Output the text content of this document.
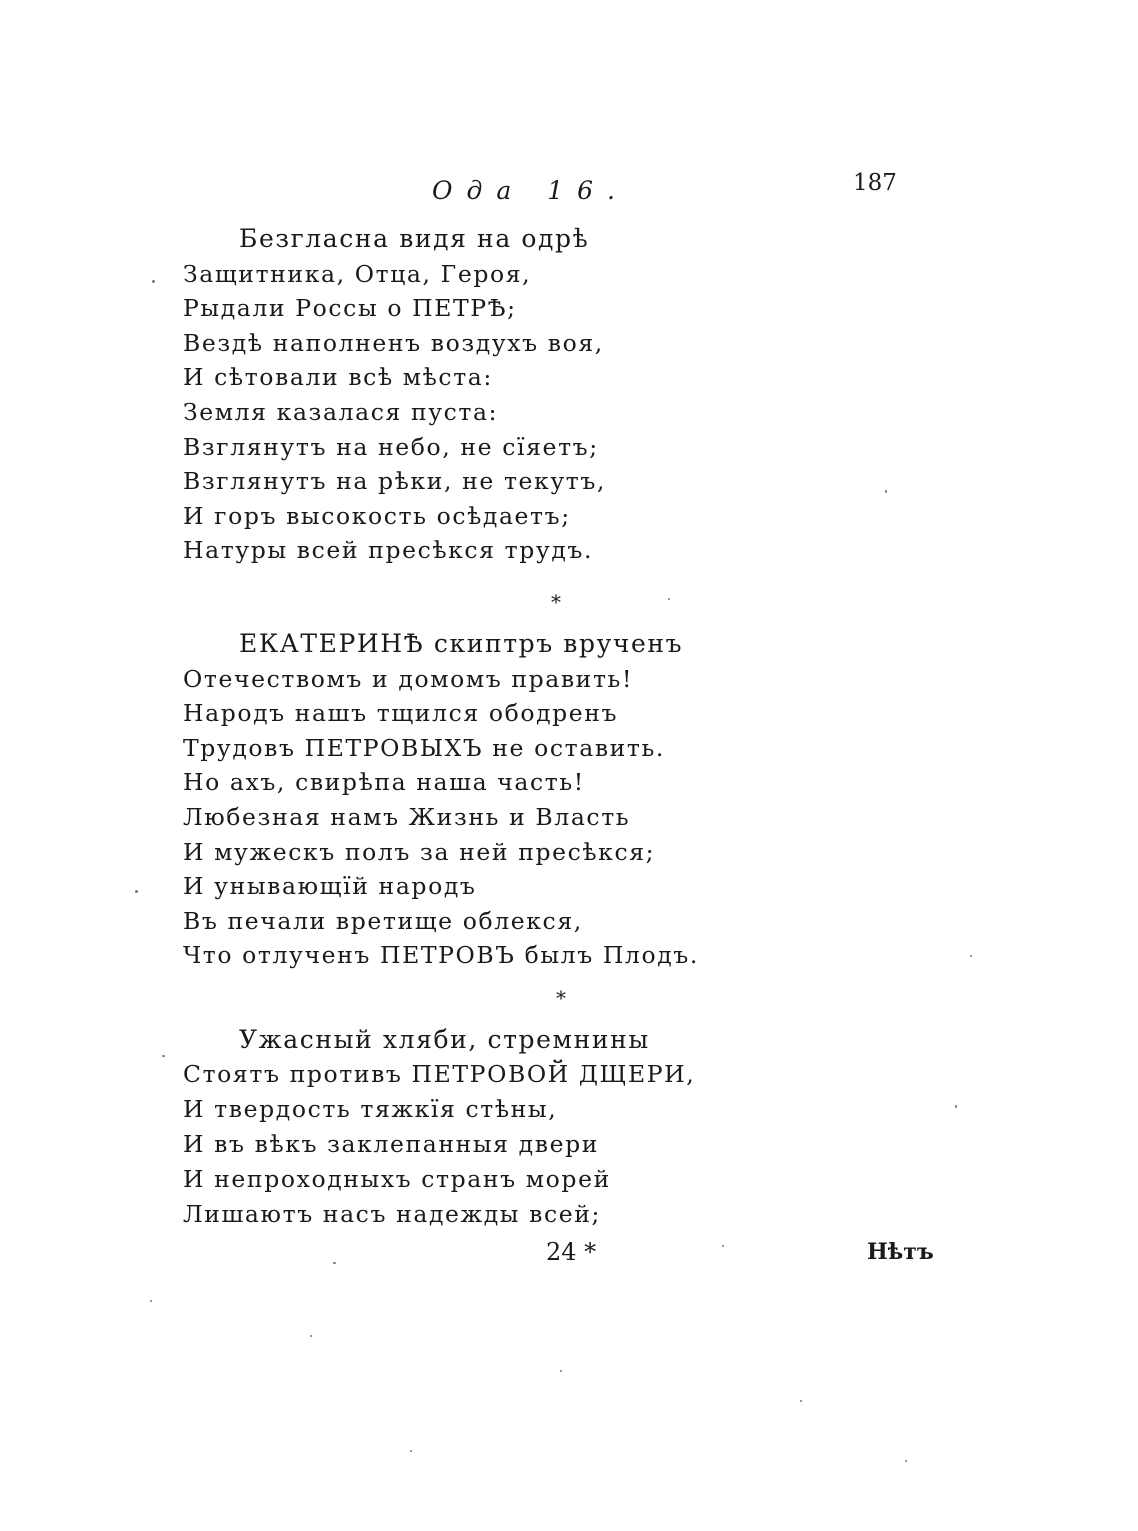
Ода 16.	187
Безгласна видя на одрѣ
Защитника, Отца, Героя,
Рыдали Россы о ПЕТРѢ;
Вездѣ наполненъ воздухъ воя,
И сѣтовали всѣ мѣста:
Земля казалася пуста:
Взглянутъ на небо, не сїяетъ;
Взглянутъ на рѣки, не текутъ,
И горъ высокость осѣдаетъ;
Натуры всей пресѣкся трудъ.
*
ЕКАТЕРИНѢ скиптръ врученъ
Отечествомъ и домомъ править!
Народъ нашъ тщился ободренъ
Трудовъ ПЕТРОВЫХЪ не оставить.
Но ахъ, свирѣпа наша часть!
Любезная намъ Жизнь и Власть
И мужескъ полъ за ней пресѣкся;
И унывающїй народъ
Въ печали вретище облекся,
Что отлученъ ПЕТРОВЪ былъ Плодъ.
*
Ужасный хляби, стремнины
Стоятъ противъ ПЕТРОВОЙ ДЩЕРИ,
И твердость тяжкїя стѣны,
И въ вѣкъ заклепанныя двери
И непроходныхъ странъ морей
Лишаютъ насъ надежды всей;
24 *	Нѣтъ
